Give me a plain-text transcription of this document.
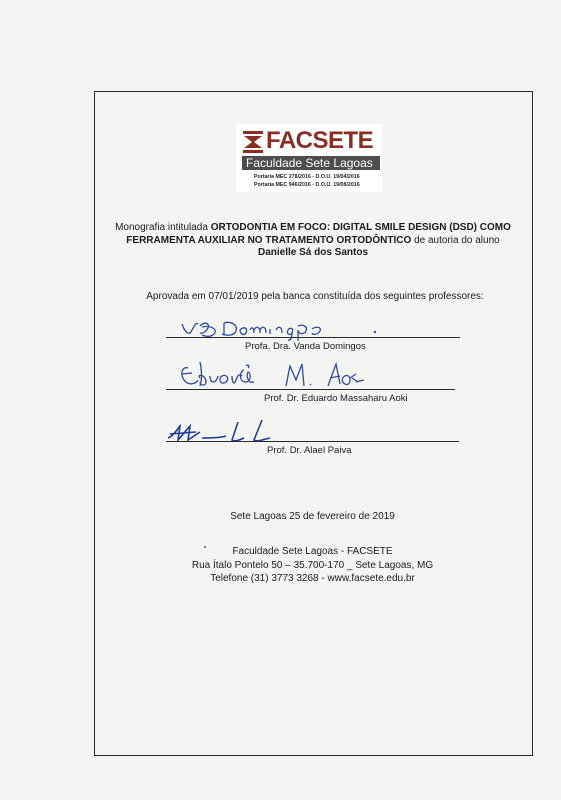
FACSETE
Faculdade Sete Lagoas
Portaria MEC 278/2016 - D.O.U. 19/04/2016
Portaria MEC 946/2016 - D.O.U. 19/08/2016
Monografia intitulada ORTODONTIA EM FOCO: DIGITAL SMILE DESIGN (DSD) COMO FERRAMENTA AUXILIAR NO TRATAMENTO ORTODÔNTICO de autoria do aluno Danielle Sá dos Santos
Aprovada em 07/01/2019 pela banca constituída dos seguintes professores:
Profa. Dra. Vanda Domingos
Prof. Dr. Eduardo Massaharu Aoki
Prof. Dr. Alael Paiva
Sete Lagoas 25 de fevereiro de 2019
Faculdade Sete Lagoas - FACSETE
Rua Ítalo Pontelo 50 – 35.700-170 _ Sete Lagoas, MG
Telefone (31) 3773 3268 - www.facsete.edu.br
